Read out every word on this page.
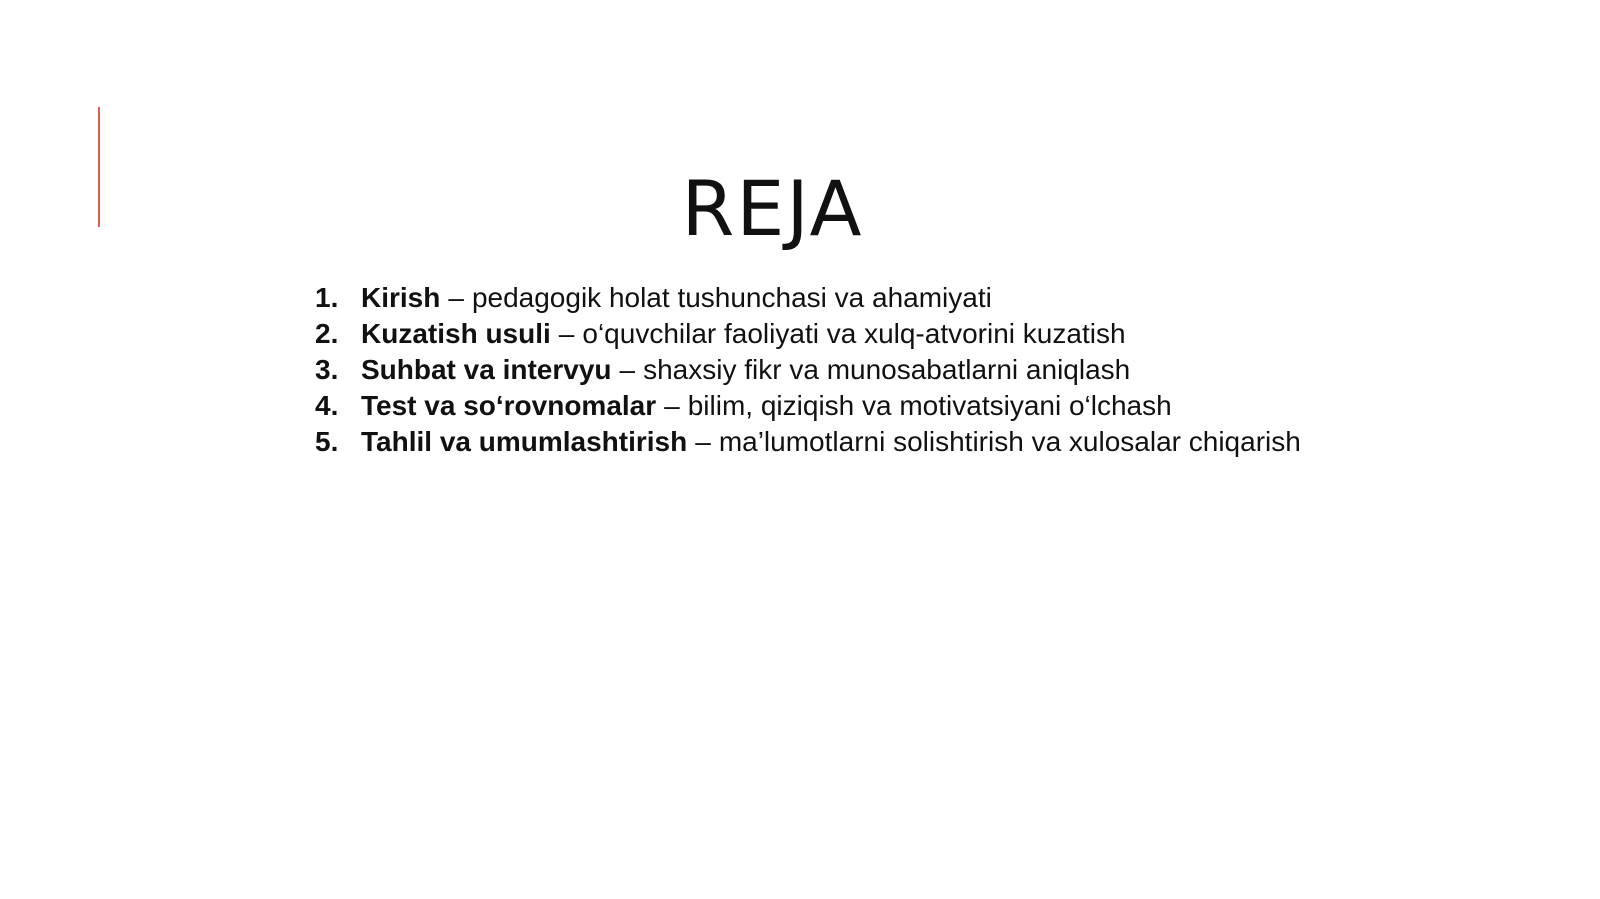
REJA
1. Kirish – pedagogik holat tushunchasi va ahamiyati
2. Kuzatish usuli – o‘quvchilar faoliyati va xulq-atvorini kuzatish
3. Suhbat va intervyu – shaxsiy fikr va munosabatlarni aniqlash
4. Test va so‘rovnomalar – bilim, qiziqish va motivatsiyani o‘lchash
5. Tahlil va umumlashtirish – ma’lumotlarni solishtirish va xulosalar chiqarish
